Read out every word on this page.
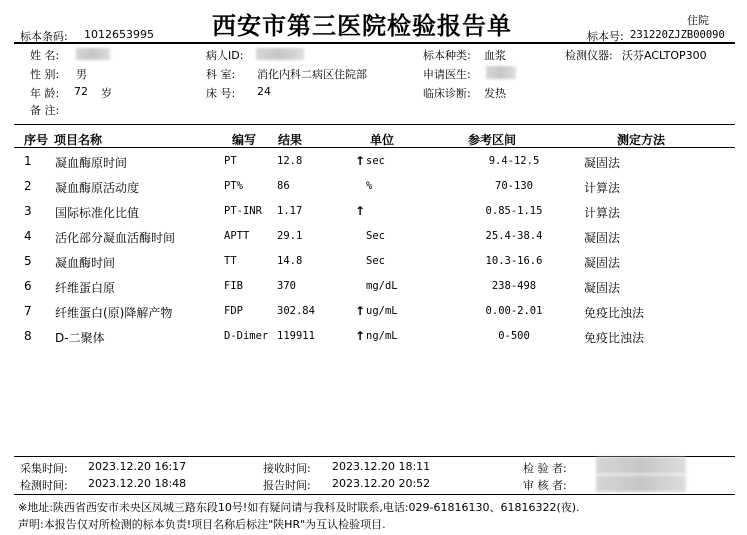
标本条码: 1012653995 西安市第三医院检验报告单	住院
标本号: 231220ZJZB00090
姓 名:	病人ID:	标本种类: 血浆	检测仪器: 沃芬ACLTOP300
性 别: 男	科 室: 消化内科二病区住院部	申请医生:
年 龄: 72 岁	床 号: 24	临床诊断: 发热
备 注:
序号 项目名称	编写 结果	单位	参考区间	测定方法
1 凝血酶原时间	PT	12.8	↑ sec	9.4-12.5	凝固法
2 凝血酶原活动度	PT%	86	%	70-130	计算法
3 国际标准化比值	PT-INR 1.17	↑	0.85-1.15	计算法
4 活化部分凝血活酶时间	APTT	29.1	Sec	25.4-38.4	凝固法
5 凝血酶时间	TT	14.8	Sec	10.3-16.6	凝固法
6 纤维蛋白原	FIB	370	mg/dL	238-498	凝固法
7 纤维蛋白(原)降解产物	FDP	302.84	↑ ug/mL	0.00-2.01	免疫比浊法
8 D-二聚体	D-Dimer 119911	↑ ng/mL	0-500	免疫比浊法
采集时间: 2023.12.20 16:17	接收时间: 2023.12.20 18:11	检 验 者:
检测时间: 2023.12.20 18:48	报告时间: 2023.12.20 20:52	审 核 者:
※地址:陕西省西安市未央区凤城三路东段10号!如有疑问请与我科及时联系,电话:029-61816130、61816322(夜).
声明:本报告仅对所检测的标本负责!项目名称后标注"陕HR"为互认检验项目.
